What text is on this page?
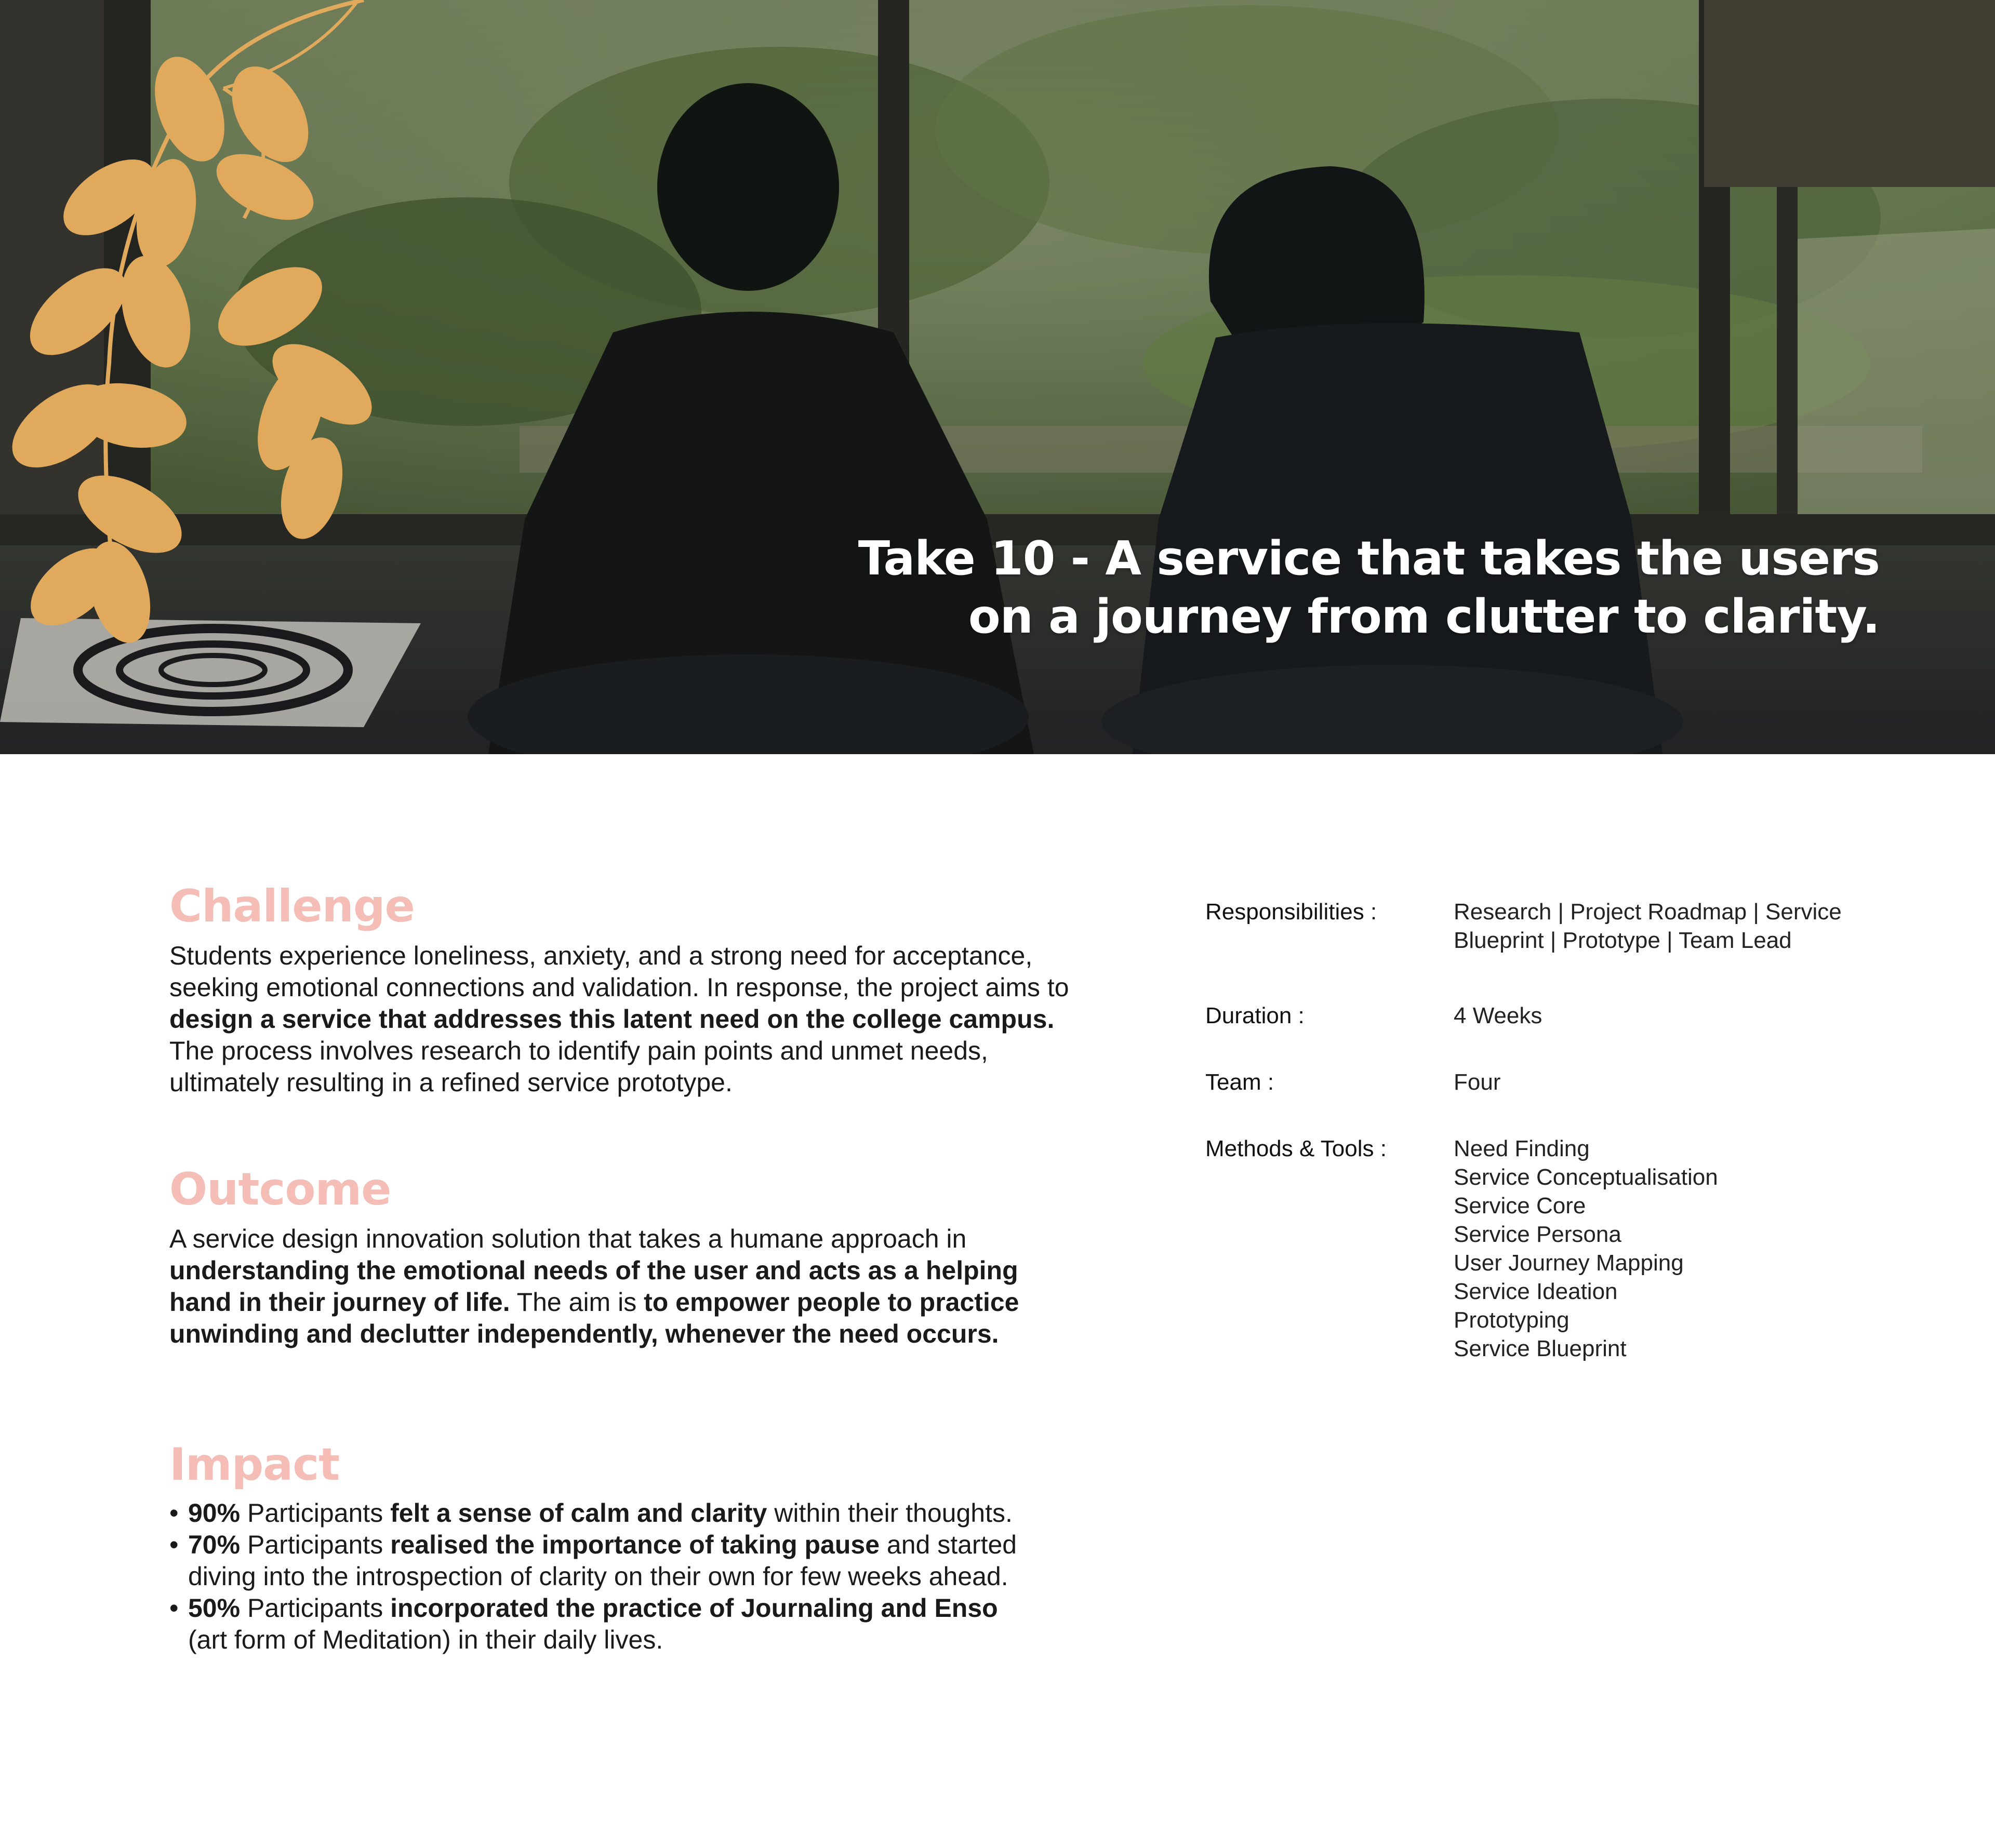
Take 10 - A service that takes the users
on a journey from clutter to clarity.
Challenge

Students experience loneliness, anxiety, and a strong need for acceptance, seeking emotional connections and validation. In response, the project aims to design a service that addresses this latent need on the college campus. The process involves research to identify pain points and unmet needs, ultimately resulting in a refined service prototype.

Outcome

A service design innovation solution that takes a humane approach in understanding the emotional needs of the user and acts as a helping hand in their journey of life. The aim is to empower people to practice unwinding and declutter independently, whenever the need occurs.

Impact
• 90% Participants felt a sense of calm and clarity within their thoughts.
• 70% Participants realised the importance of taking pause and started diving into the introspection of clarity on their own for few weeks ahead.
• 50% Participants incorporated the practice of Journaling and Enso (art form of Meditation) in their daily lives.
Responsibilities :	Research | Project Roadmap | Service
Blueprint | Prototype | Team Lead
Duration :	4 Weeks
Team :	Four
Methods & Tools :	Need Finding
Service Conceptualisation
Service Core
Service Persona
User Journey Mapping
Service Ideation
Prototyping
Service Blueprint
